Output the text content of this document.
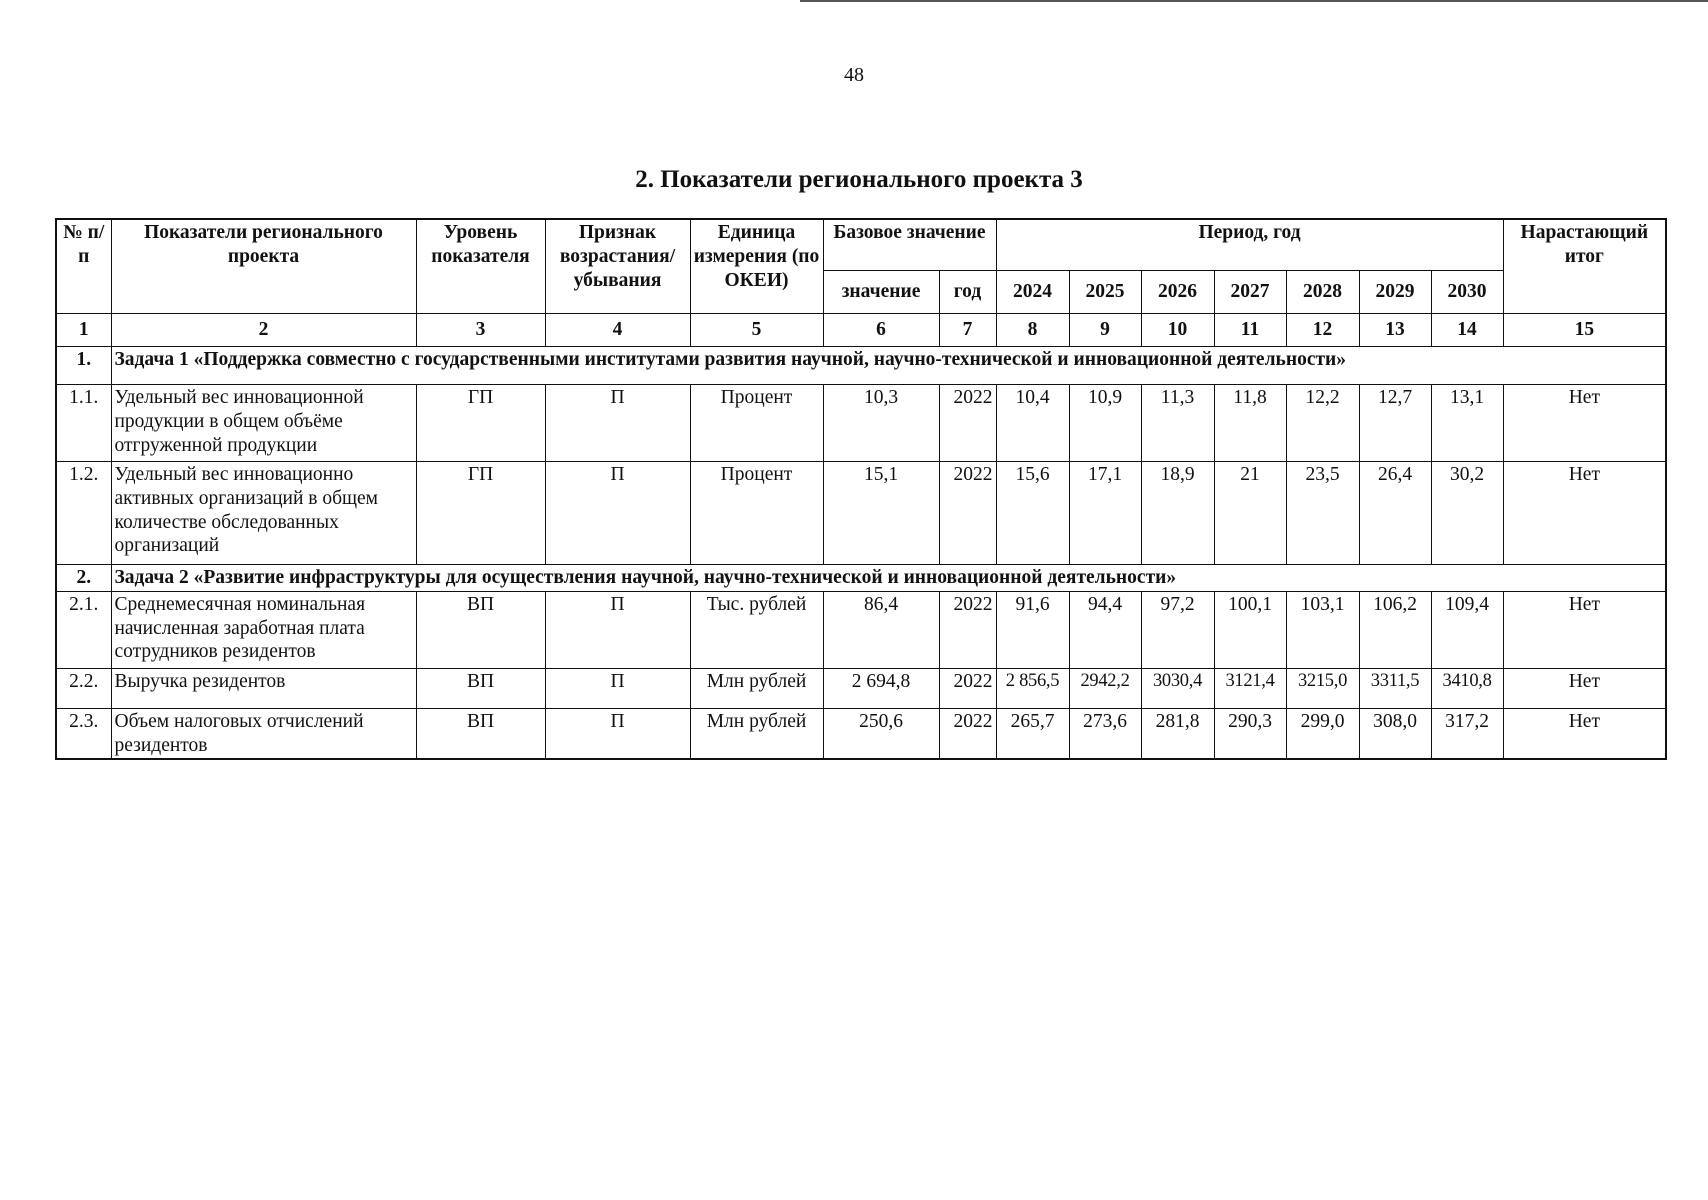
48
2. Показатели регионального проекта 3
№ п/п	Показатели регионального проекта	Уровень показателя	Признак возрастания/ убывания	Единица измерения (по ОКЕИ)	Базовое значение		Период, год							Нарастающий итог
					значение	год	2024	2025	2026	2027	2028	2029	2030	
1	2	3	4	5	6	7	8	9	10	11	12	13	14	15
1.	Задача 1 «Поддержка совместно с государственными институтами развития научной, научно-технической и инновационной деятельности»													
1.1.	Удельный вес инновационной продукции в общем объёме отгруженной продукции	ГП	П	Процент	10,3	2022	10,4	10,9	11,3	11,8	12,2	12,7	13,1	Нет
1.2.	Удельный вес инновационно активных организаций в общем количестве обследованных организаций	ГП	П	Процент	15,1	2022	15,6	17,1	18,9	21	23,5	26,4	30,2	Нет
2.	Задача 2 «Развитие инфраструктуры для осуществления научной, научно-технической и инновационной деятельности»													
2.1.	Среднемесячная номинальная начисленная заработная плата сотрудников резидентов	ВП	П	Тыс. рублей	86,4	2022	91,6	94,4	97,2	100,1	103,1	106,2	109,4	Нет
2.2.	Выручка резидентов	ВП	П	Млн рублей	2 694,8	2022	2 856,5	2942,2	3030,4	3121,4	3215,0	3311,5	3410,8	Нет
2.3.	Объем налоговых отчислений резидентов	ВП	П	Млн рублей	250,6	2022	265,7	273,6	281,8	290,3	299,0	308,0	317,2	Нет
